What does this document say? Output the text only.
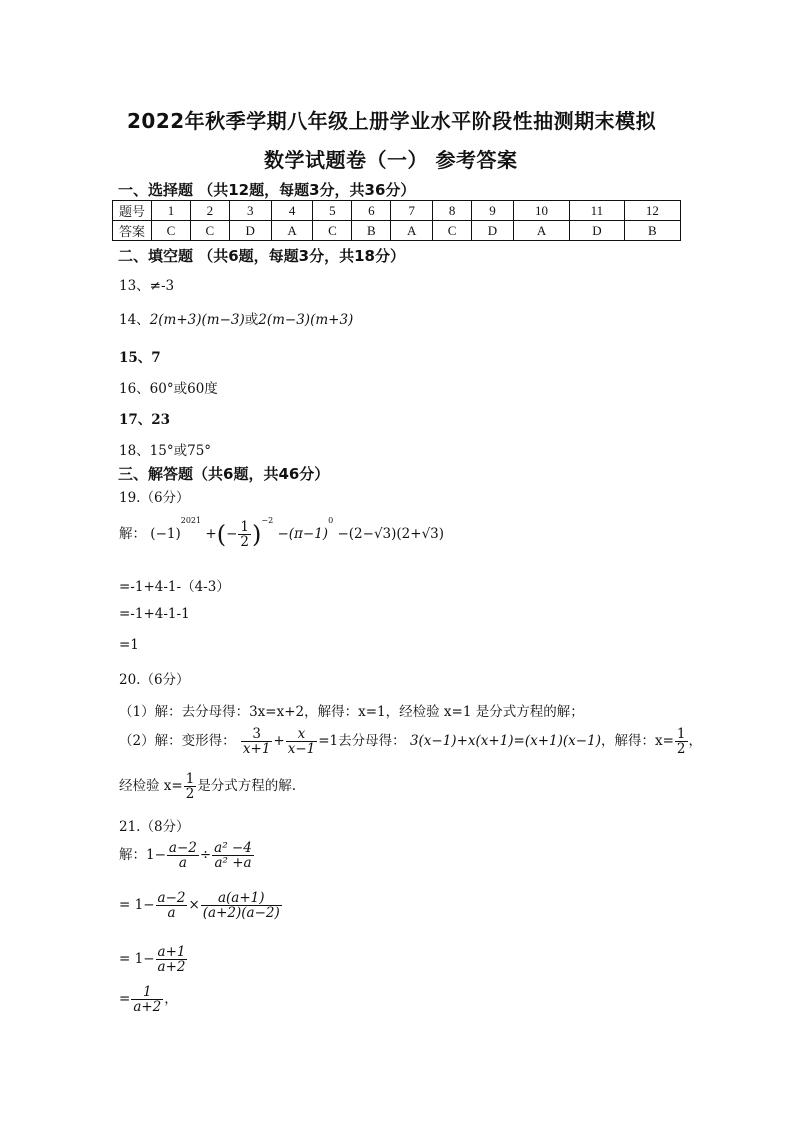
2022年秋季学期八年级上册学业水平阶段性抽测期末模拟
数学试题卷（一） 参考答案
一、选择题 （共12题，每题3分，共36分）
题号	1	2	3	4	5	6	7	8	9	10	11	12
答案	C	C	D	A	C	B	A	C	D	A	D	B
二、填空题 （共6题，每题3分，共18分）
13、≠-3
14、2(m+3)(m−3)或2(m−3)(m+3)
15、7
16、60°或60度
17、23
18、15°或75°
三、解答题（共6题，共46分）
19.（6分）
解： $(-1)^{2021}$ +(− $\frac{1}{2} )^{-2} -(\pi-1)^0 -(2-√3)(2+√3)$
=-1+4-1-（4-3）
=-1+4-1-1
=1
20.（6分）
（1）解：去分母得：3x=x+2，解得：x=1，经检验 x=1 是分式方程的解；
（2）解：变形得： $\frac{3}{x+1} + \frac{x}{x-1} =1$去分母得： 3(x−1)+x(x+1)=(x+1)(x−1)，解得：$x= \frac{1}{2}$ ，
经检验 $x= \frac{1}{2}$ 是分式方程的解.
21.（8分）
解：$1- \frac{a-2}{a} \div \frac{\text{a² −4}}{\text{a² +a}}$
= $1- \frac{a-2}{a} \times \frac{a(a+1)}{(a+2)(a-2)}$
= $1- \frac{a+1}{a+2}$
= $\frac{1}{a+2}$ ，
